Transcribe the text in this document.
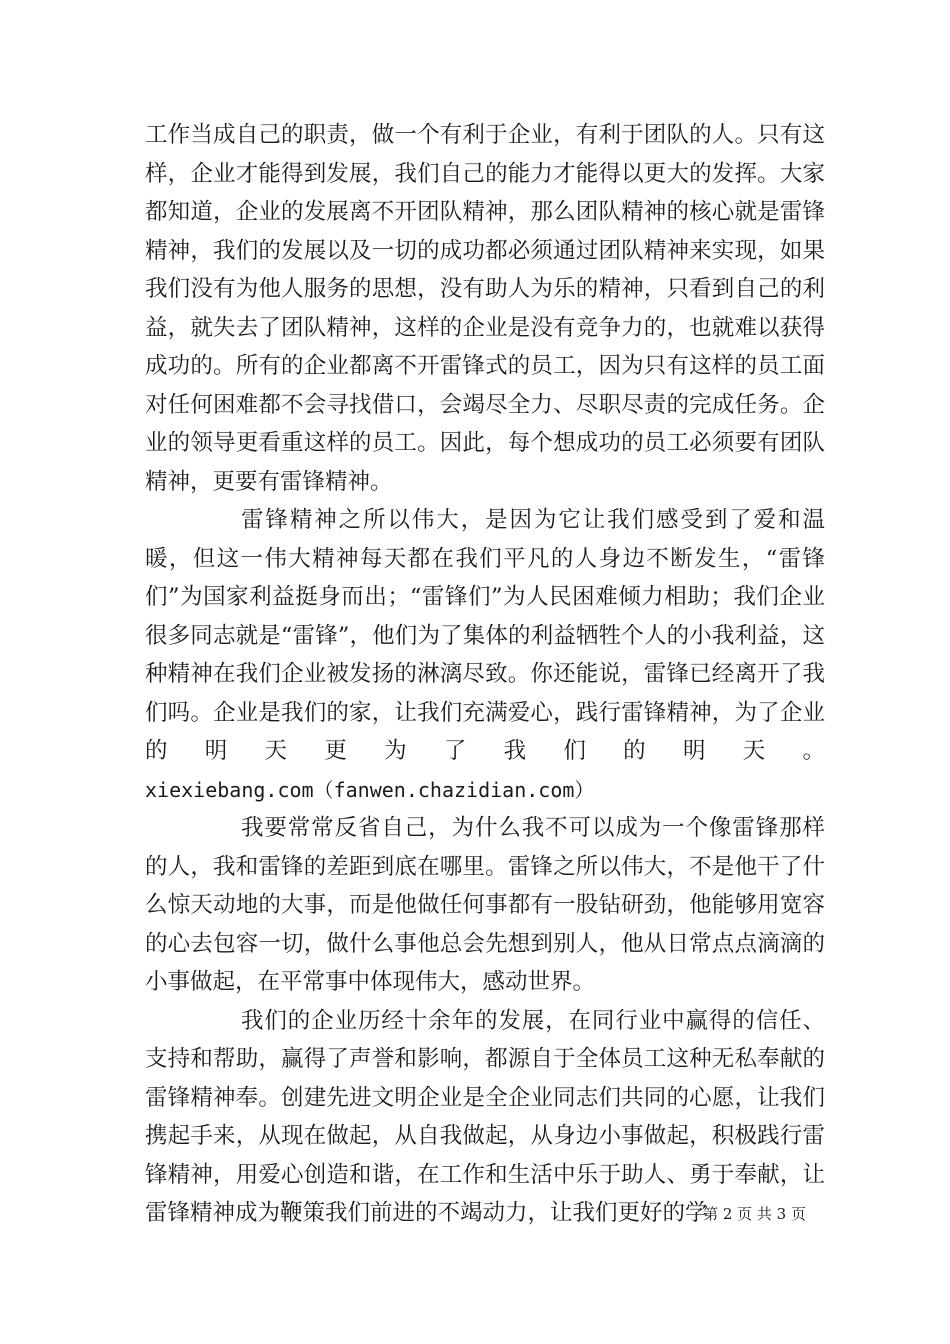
工作当成自己的职责，做一个有利于企业，有利于团队的人。只有这样，企业才能得到发展，我们自己的能力才能得以更大的发挥。大家都知道，企业的发展离不开团队精神，那么团队精神的核心就是雷锋精神，我们的发展以及一切的成功都必须通过团队精神来实现，如果我们没有为他人服务的思想，没有助人为乐的精神，只看到自己的利益，就失去了团队精神，这样的企业是没有竞争力的，也就难以获得成功的。所有的企业都离不开雷锋式的员工，因为只有这样的员工面对任何困难都不会寻找借口，会竭尽全力、尽职尽责的完成任务。企业的领导更看重这样的员工。因此，每个想成功的员工必须要有团队精神，更要有雷锋精神。

雷锋精神之所以伟大，是因为它让我们感受到了爱和温暖，但这一伟大精神每天都在我们平凡的人身边不断发生，“雷锋们”为国家利益挺身而出；“雷锋们”为人民困难倾力相助；我们企业很多同志就是“雷锋”，他们为了集体的利益牺牲个人的小我利益，这种精神在我们企业被发扬的淋漓尽致。你还能说，雷锋已经离开了我们吗。企业是我们的家，让我们充满爱心，践行雷锋精神，为了企业的明天更为了我们的明天。

xiexiebang.com（fanwen.chazidian.com）

我要常常反省自己，为什么我不可以成为一个像雷锋那样的人，我和雷锋的差距到底在哪里。雷锋之所以伟大，不是他干了什么惊天动地的大事，而是他做任何事都有一股钻研劲，他能够用宽容的心去包容一切，做什么事他总会先想到别人，他从日常点点滴滴的小事做起，在平常事中体现伟大，感动世界。

我们的企业历经十余年的发展，在同行业中赢得的信任、支持和帮助，赢得了声誉和影响，都源自于全体员工这种无私奉献的雷锋精神奉。创建先进文明企业是全企业同志们共同的心愿，让我们携起手来，从现在做起，从自我做起，从身边小事做起，积极践行雷锋精神，用爱心创造和谐，在工作和生活中乐于助人、勇于奉献，让雷锋精神成为鞭策我们前进的不竭动力，让我们更好的学

第 2 页 共 3 页
